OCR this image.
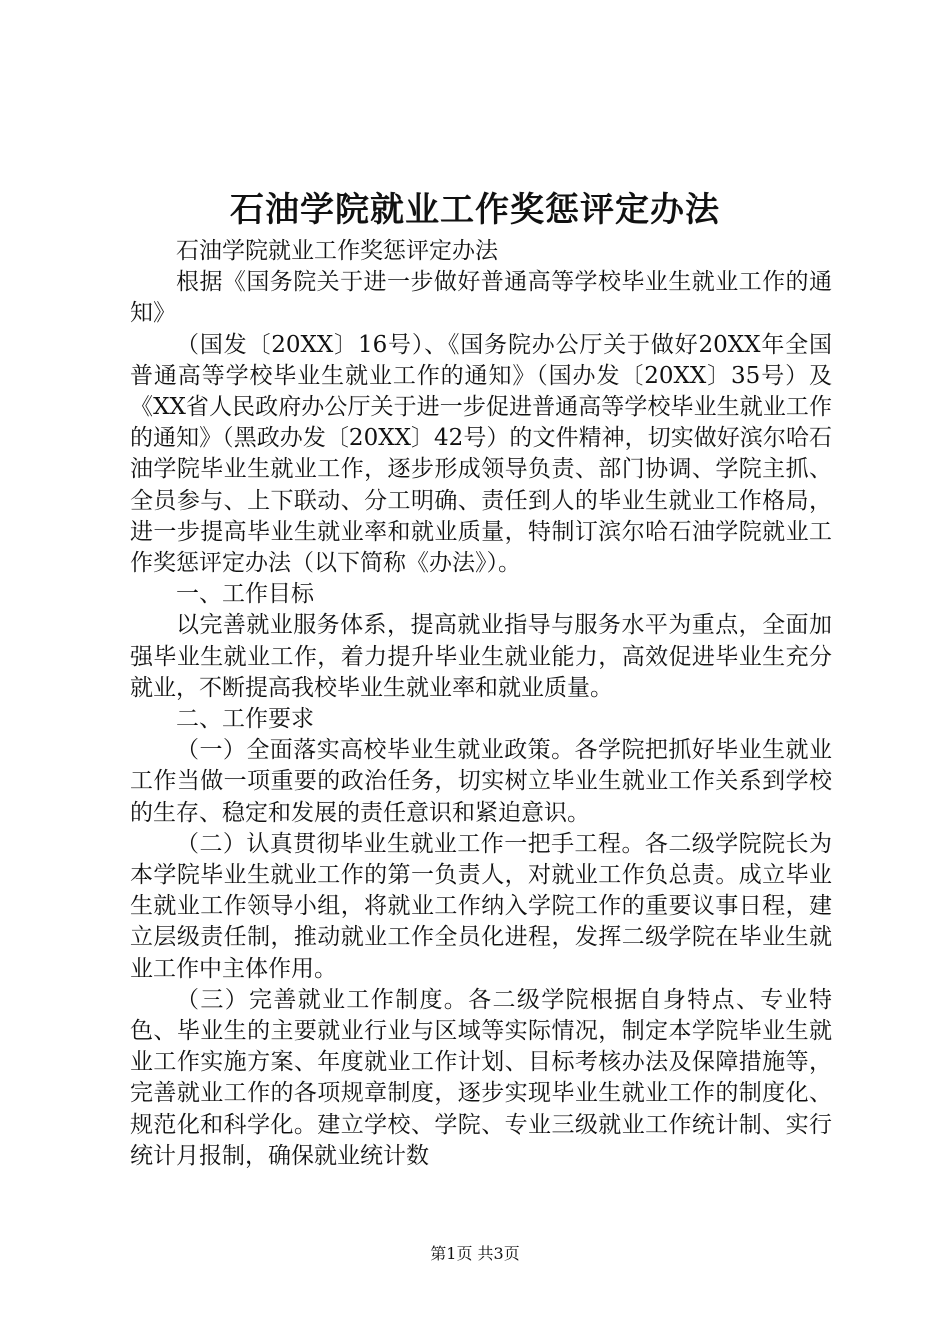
石油学院就业工作奖惩评定办法

石油学院就业工作奖惩评定办法

根据《国务院关于进一步做好普通高等学校毕业生就业工作的通知》

（国发〔20XX〕16号）、《国务院办公厅关于做好20XX年全国普通高等学校毕业生就业工作的通知》（国办发〔20XX〕35号）及《XX省人民政府办公厅关于进一步促进普通高等学校毕业生就业工作的通知》（黑政办发〔20XX〕42号）的文件精神，切实做好滨尔哈石油学院毕业生就业工作，逐步形成领导负责、部门协调、学院主抓、全员参与、上下联动、分工明确、责任到人的毕业生就业工作格局，进一步提高毕业生就业率和就业质量，特制订滨尔哈石油学院就业工作奖惩评定办法（以下简称《办法》）。

一、工作目标

以完善就业服务体系，提高就业指导与服务水平为重点，全面加强毕业生就业工作，着力提升毕业生就业能力，高效促进毕业生充分就业，不断提高我校毕业生就业率和就业质量。

二、工作要求

（一）全面落实高校毕业生就业政策。各学院把抓好毕业生就业工作当做一项重要的政治任务，切实树立毕业生就业工作关系到学校的生存、稳定和发展的责任意识和紧迫意识。

（二）认真贯彻毕业生就业工作一把手工程。各二级学院院长为本学院毕业生就业工作的第一负责人，对就业工作负总责。成立毕业生就业工作领导小组，将就业工作纳入学院工作的重要议事日程，建立层级责任制，推动就业工作全员化进程，发挥二级学院在毕业生就业工作中主体作用。

（三）完善就业工作制度。各二级学院根据自身特点、专业特色、毕业生的主要就业行业与区域等实际情况，制定本学院毕业生就业工作实施方案、年度就业工作计划、目标考核办法及保障措施等，完善就业工作的各项规章制度，逐步实现毕业生就业工作的制度化、规范化和科学化。建立学校、学院、专业三级就业工作统计制、实行统计月报制，确保就业统计数

第1页 共3页
